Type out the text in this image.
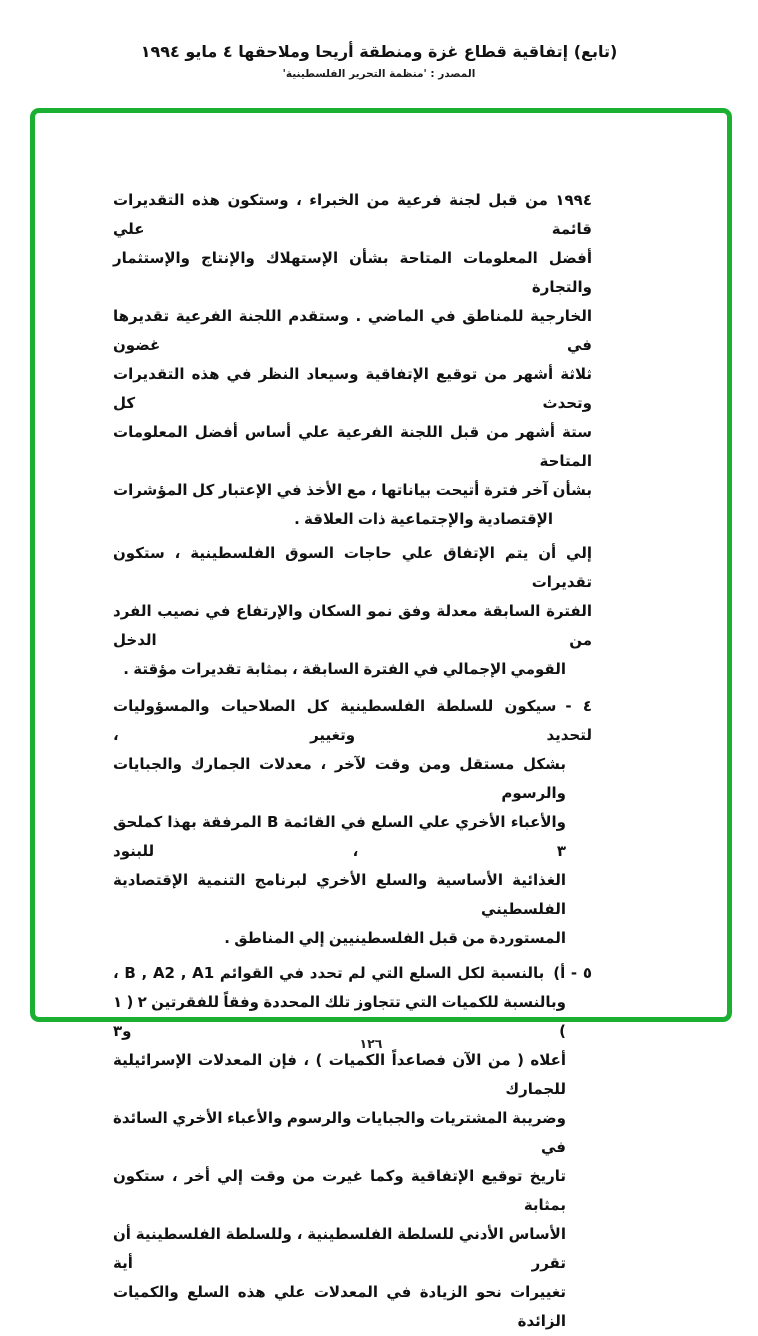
(تابع) إتفاقية قطاع غزة ومنطقة أريحا وملاحقها ٤ مايو ١٩٩٤
المصدر : 'منظمة التحرير الفلسطينية'
١٩٩٤ من قبل لجنة فرعية من الخبراء ، وستكون هذه التقديرات قائمة علي
أفضل المعلومات المتاحة بشأن الإستهلاك والإنتاج والإستثمار والتجارة
الخارجية للمناطق في الماضي . وستقدم اللجنة الفرعية تقديرها في غضون
ثلاثة أشهر من توقيع الإتفاقية وسيعاد النظر في هذه التقديرات وتحدث كل
ستة أشهر من قبل اللجنة الفرعية علي أساس أفضل المعلومات المتاحة
بشأن آخر فترة أتيحت بياناتها ، مع الأخذ في الإعتبار كل المؤشرات
الإقتصادية والإجتماعية ذات العلاقة .
إلي أن يتم الإتفاق علي حاجات السوق الفلسطينية ، ستكون تقديرات
الفترة السابقة معدلة وفق نمو السكان والإرتفاع في نصيب الفرد من الدخل
القومي الإجمالي في الفترة السابقة ، بمثابة تقديرات مؤقتة .
٤ -سيكون للسلطة الفلسطينية كل الصلاحيات والمسؤوليات لتحديد وتغيير ،
بشكل مستقل ومن وقت لآخر ، معدلات الجمارك والجبايات والرسوم
والأعباء الأخري علي السلع في القائمة B المرفقة بهذا كملحق ٣ ، للبنود
الغذائية الأساسية والسلع الأخري لبرنامج التنمية الإقتصادية الفلسطيني
المستوردة من قبل الفلسطينيين إلي المناطق .
٥ - أ)بالنسبة لكل السلع التي لم تحدد في القوائم B , A2 , A1 ،
وبالنسبة للكميات التي تتجاوز تلك المحددة وفقاً للفقرتين ٢ ( ١ ) و٣
أعلاه ( من الآن فصاعداً الكميات ) ، فإن المعدلات الإسرائيلية للجمارك
وضريبة المشتريات والجبايات والرسوم والأعباء الأخري السائدة في
تاريخ توقيع الإتفاقية وكما غيرت من وقت إلي أخر ، ستكون بمثابة
الأساس الأدني للسلطة الفلسطينية ، وللسلطة الفلسطينية أن تقرر أية
تغييرات نحو الزيادة في المعدلات علي هذه السلع والكميات الزائدة
١٢٦
